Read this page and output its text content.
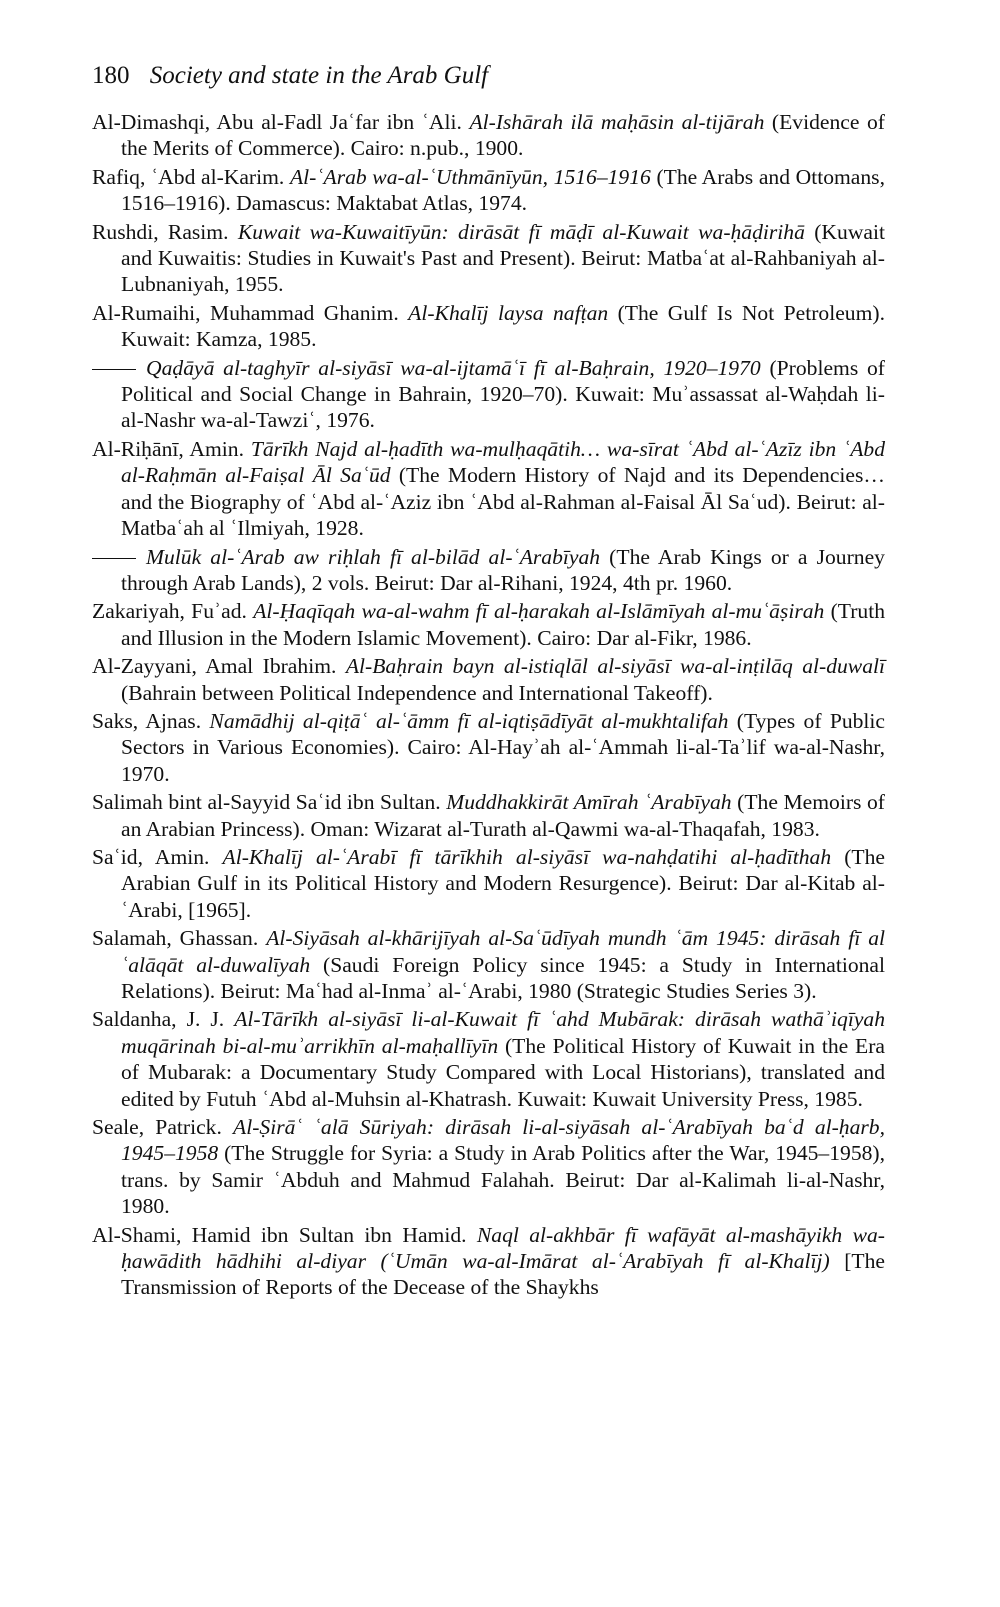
180 Society and state in the Arab Gulf
Al-Dimashqi, Abu al-Fadl Jaʿfar ibn ʿAli. Al-Ishārah ilā maḥāsin al-tijārah (Evidence of the Merits of Commerce). Cairo: n.pub., 1900.
Rafiq, ʿAbd al-Karim. Al-ʿArab wa-al-ʿUthmānīyūn, 1516–1916 (The Arabs and Ottomans, 1516–1916). Damascus: Maktabat Atlas, 1974.
Rushdi, Rasim. Kuwait wa-Kuwaitīyūn: dirāsāt fī māḍī al-Kuwait wa-ḥāḍirihā (Kuwait and Kuwaitis: Studies in Kuwait's Past and Present). Beirut: Matbaʿat al-Rahbaniyah al-Lubnaniyah, 1955.
Al-Rumaihi, Muhammad Ghanim. Al-Khalīj laysa nafṭan (The Gulf Is Not Petroleum). Kuwait: Kamza, 1985.
Qaḍāyā al-taghyīr al-siyāsī wa-al-ijtamāʿī fī al-Baḥrain, 1920–1970 (Problems of Political and Social Change in Bahrain, 1920–70). Kuwait: Muʾassassat al-Waḥdah li-al-Nashr wa-al-Tawziʿ, 1976.
Al-Riḥānī, Amin. Tārīkh Najd al-ḥadīth wa-mulḥaqātih… wa-sīrat ʿAbd al-ʿAzīz ibn ʿAbd al-Raḥmān al-Faiṣal Āl Saʿūd (The Modern History of Najd and its Dependencies… and the Biography of ʿAbd al-ʿAziz ibn ʿAbd al-Rahman al-Faisal Āl Saʿud). Beirut: al-Matbaʿah al ʿIlmiyah, 1928.
Mulūk al-ʿArab aw riḥlah fī al-bilād al-ʿArabīyah (The Arab Kings or a Journey through Arab Lands), 2 vols. Beirut: Dar al-Rihani, 1924, 4th pr. 1960.
Zakariyah, Fuʾad. Al-Ḥaqīqah wa-al-wahm fī al-ḥarakah al-Islāmīyah al-muʿāṣirah (Truth and Illusion in the Modern Islamic Movement). Cairo: Dar al-Fikr, 1986.
Al-Zayyani, Amal Ibrahim. Al-Baḥrain bayn al-istiqlāl al-siyāsī wa-al-inṭilāq al-duwalī (Bahrain between Political Independence and International Takeoff).
Saks, Ajnas. Namādhij al-qiṭāʿ al-ʿāmm fī al-iqtiṣādīyāt al-mukhtalifah (Types of Public Sectors in Various Economies). Cairo: Al-Hayʾah al-ʿAmmah li-al-Taʾlif wa-al-Nashr, 1970.
Salimah bint al-Sayyid Saʿid ibn Sultan. Muddhakkirāt Amīrah ʿArabīyah (The Memoirs of an Arabian Princess). Oman: Wizarat al-Turath al-Qawmi wa-al-Thaqafah, 1983.
Saʿid, Amin. Al-Khalīj al-ʿArabī fī tārīkhih al-siyāsī wa-nahḍatihi al-ḥadīthah (The Arabian Gulf in its Political History and Modern Resurgence). Beirut: Dar al-Kitab al-ʿArabi, [1965].
Salamah, Ghassan. Al-Siyāsah al-khārijīyah al-Saʿūdīyah mundh ʿām 1945: dirāsah fī al ʿalāqāt al-duwalīyah (Saudi Foreign Policy since 1945: a Study in International Relations). Beirut: Maʿhad al-Inmaʾ al-ʿArabi, 1980 (Strategic Studies Series 3).
Saldanha, J. J. Al-Tārīkh al-siyāsī li-al-Kuwait fī ʿahd Mubārak: dirāsah wathāʾiqīyah muqārinah bi-al-muʾarrikhīn al-maḥallīyīn (The Political History of Kuwait in the Era of Mubarak: a Documentary Study Compared with Local Historians), translated and edited by Futuh ʿAbd al-Muhsin al-Khatrash. Kuwait: Kuwait University Press, 1985.
Seale, Patrick. Al-Ṣirāʿ ʿalā Sūriyah: dirāsah li-al-siyāsah al-ʿArabīyah baʿd al-ḥarb, 1945–1958 (The Struggle for Syria: a Study in Arab Politics after the War, 1945–1958), trans. by Samir ʿAbduh and Mahmud Falahah. Beirut: Dar al-Kalimah li-al-Nashr, 1980.
Al-Shami, Hamid ibn Sultan ibn Hamid. Naql al-akhbār fī wafāyāt al-mashāyikh wa-ḥawādith hādhihi al-diyar (ʿUmān wa-al-Imārat al-ʿArabīyah fī al-Khalīj) [The Transmission of Reports of the Decease of the Shaykhs
